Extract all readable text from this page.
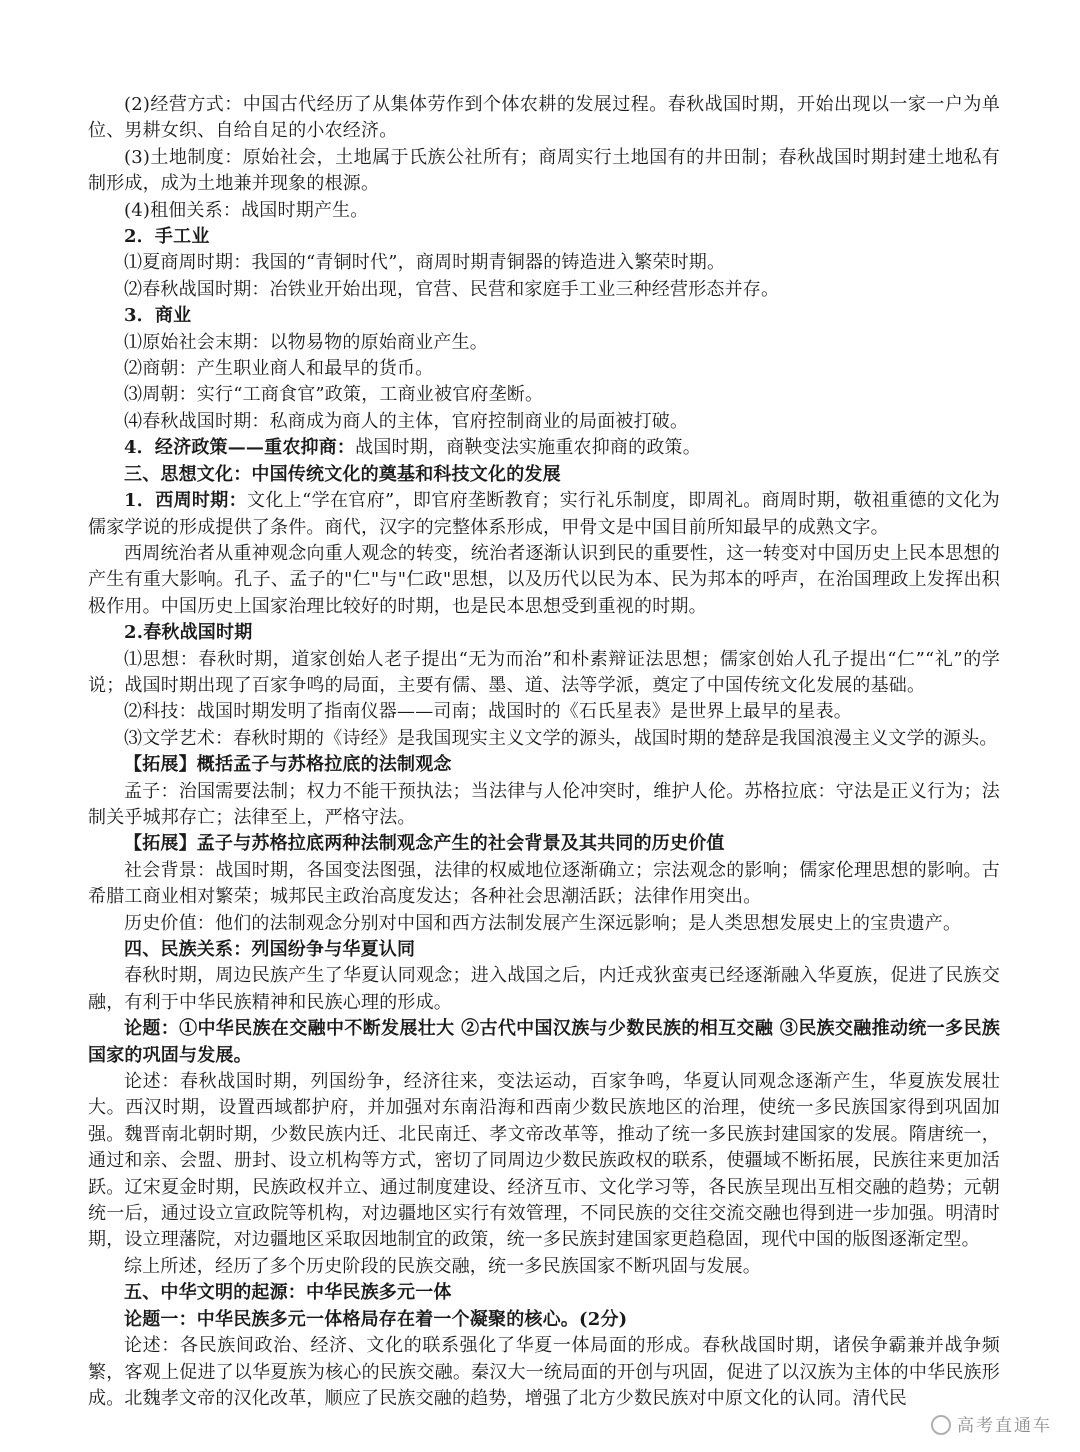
(2)经营方式：中国古代经历了从集体劳作到个体农耕的发展过程。春秋战国时期，开始出现以一家一户为单位、男耕女织、自给自足的小农经济。

(3)土地制度：原始社会，土地属于氏族公社所有；商周实行土地国有的井田制；春秋战国时期封建土地私有制形成，成为土地兼并现象的根源。

(4)租佃关系：战国时期产生。

2．手工业

⑴夏商周时期：我国的“青铜时代”，商周时期青铜器的铸造进入繁荣时期。

⑵春秋战国时期：冶铁业开始出现，官营、民营和家庭手工业三种经营形态并存。

3．商业

⑴原始社会末期：以物易物的原始商业产生。

⑵商朝：产生职业商人和最早的货币。

⑶周朝：实行“工商食官”政策，工商业被官府垄断。

⑷春秋战国时期：私商成为商人的主体，官府控制商业的局面被打破。

4．经济政策——重农抑商：战国时期，商鞅变法实施重农抑商的政策。

三、思想文化：中国传统文化的奠基和科技文化的发展

1．西周时期：文化上“学在官府”，即官府垄断教育；实行礼乐制度，即周礼。商周时期，敬祖重德的文化为儒家学说的形成提供了条件。商代，汉字的完整体系形成，甲骨文是中国目前所知最早的成熟文字。

西周统治者从重神观念向重人观念的转变，统治者逐渐认识到民的重要性，这一转变对中国历史上民本思想的产生有重大影响。孔子、孟子的"仁"与"仁政"思想，以及历代以民为本、民为邦本的呼声，在治国理政上发挥出积极作用。中国历史上国家治理比较好的时期，也是民本思想受到重视的时期。

2.春秋战国时期

⑴思想：春秋时期，道家创始人老子提出“无为而治”和朴素辩证法思想；儒家创始人孔子提出“仁”“礼”的学说；战国时期出现了百家争鸣的局面，主要有儒、墨、道、法等学派，奠定了中国传统文化发展的基础。

⑵科技：战国时期发明了指南仪器——司南；战国时的《石氏星表》是世界上最早的星表。

⑶文学艺术：春秋时期的《诗经》是我国现实主义文学的源头，战国时期的楚辞是我国浪漫主义文学的源头。

【拓展】概括孟子与苏格拉底的法制观念

孟子：治国需要法制；权力不能干预执法；当法律与人伦冲突时，维护人伦。苏格拉底：守法是正义行为；法制关乎城邦存亡；法律至上，严格守法。

【拓展】孟子与苏格拉底两种法制观念产生的社会背景及其共同的历史价值

社会背景：战国时期，各国变法图强，法律的权威地位逐渐确立；宗法观念的影响；儒家伦理思想的影响。古希腊工商业相对繁荣；城邦民主政治高度发达；各种社会思潮活跃；法律作用突出。

历史价值：他们的法制观念分别对中国和西方法制发展产生深远影响；是人类思想发展史上的宝贵遗产。

四、民族关系：列国纷争与华夏认同

春秋时期，周边民族产生了华夏认同观念；进入战国之后，内迁戎狄蛮夷已经逐渐融入华夏族，促进了民族交融，有利于中华民族精神和民族心理的形成。

论题：①中华民族在交融中不断发展壮大 ②古代中国汉族与少数民族的相互交融 ③民族交融推动统一多民族国家的巩固与发展。

论述：春秋战国时期，列国纷争，经济往来，变法运动，百家争鸣，华夏认同观念逐渐产生，华夏族发展壮大。西汉时期，设置西域都护府，并加强对东南沿海和西南少数民族地区的治理，使统一多民族国家得到巩固加强。魏晋南北朝时期，少数民族内迁、北民南迁、孝文帝改革等，推动了统一多民族封建国家的发展。隋唐统一，通过和亲、会盟、册封、设立机构等方式，密切了同周边少数民族政权的联系，使疆域不断拓展，民族往来更加活跃。辽宋夏金时期，民族政权并立、通过制度建设、经济互市、文化学习等，各民族呈现出互相交融的趋势；元朝统一后，通过设立宣政院等机构，对边疆地区实行有效管理，不同民族的交往交流交融也得到进一步加强。明清时期，设立理藩院，对边疆地区采取因地制宜的政策，统一多民族封建国家更趋稳固，现代中国的版图逐渐定型。

综上所述，经历了多个历史阶段的民族交融，统一多民族国家不断巩固与发展。

五、中华文明的起源：中华民族多元一体

论题一：中华民族多元一体格局存在着一个凝聚的核心。(2分)

论述：各民族间政治、经济、文化的联系强化了华夏一体局面的形成。春秋战国时期，诸侯争霸兼并战争频繁，客观上促进了以华夏族为核心的民族交融。秦汉大一统局面的开创与巩固，促进了以汉族为主体的中华民族形成。北魏孝文帝的汉化改革，顺应了民族交融的趋势，增强了北方少数民族对中原文化的认同。清代民

高考直通车
